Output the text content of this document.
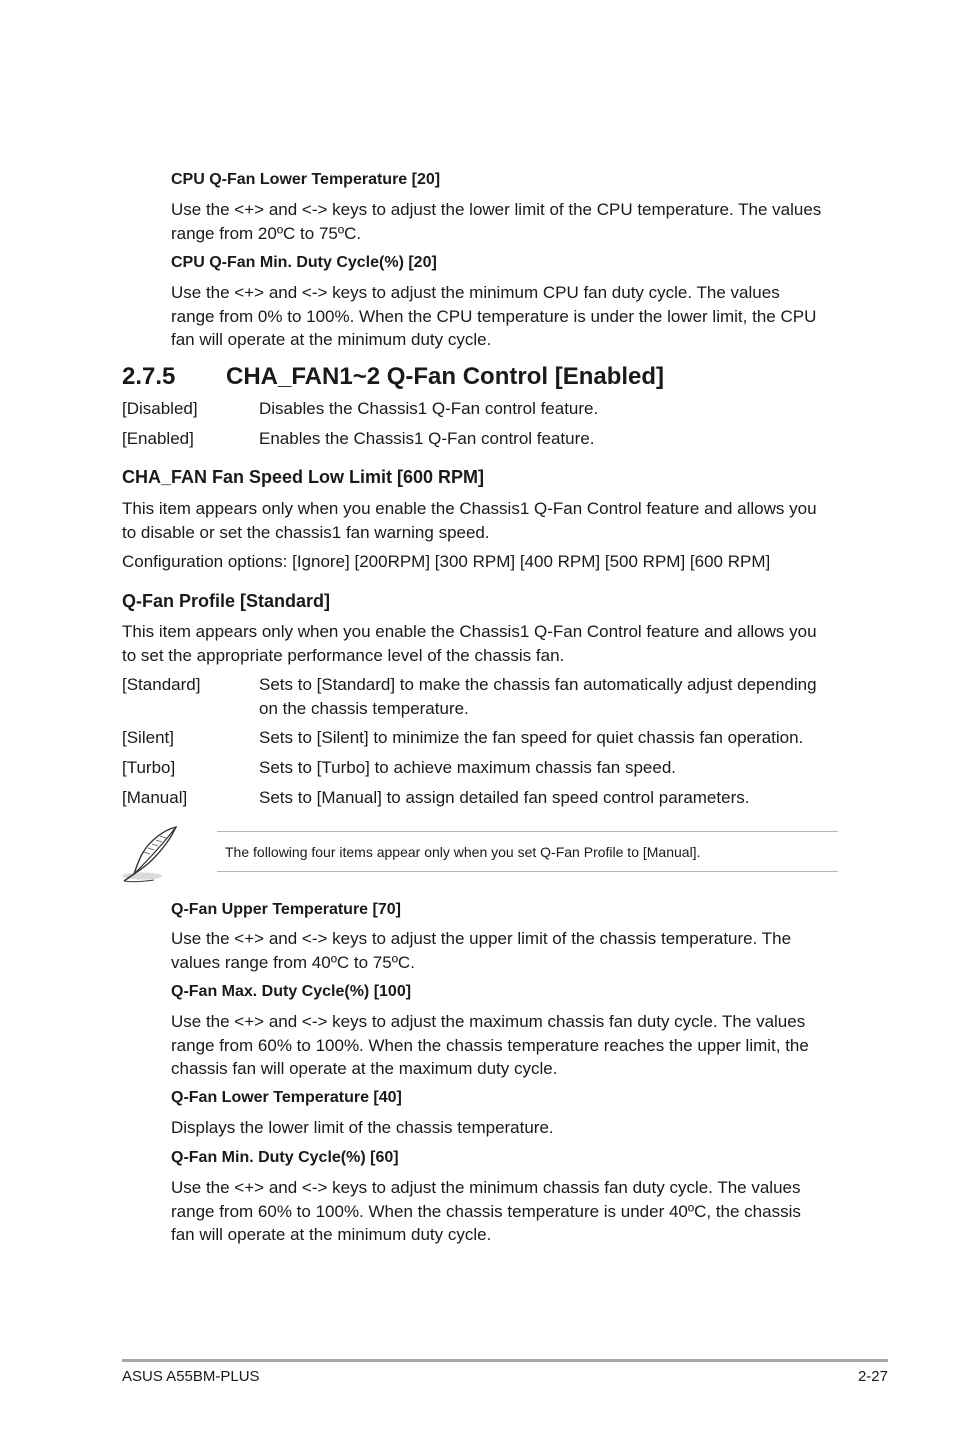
CPU Q-Fan Lower Temperature [20]
Use the <+> and <-> keys to adjust the lower limit of the CPU temperature. The values
range from 20ºC to 75ºC.
CPU Q-Fan Min. Duty Cycle(%) [20]
Use the <+> and <-> keys to adjust the minimum CPU fan duty cycle. The values
range from 0% to 100%. When the CPU temperature is under the lower limit, the CPU
fan will operate at the minimum duty cycle.
2.7.5 CHA_FAN1~2 Q-Fan Control [Enabled]
[Disabled]	Disables the Chassis1 Q-Fan control feature.
[Enabled]	Enables the Chassis1 Q-Fan control feature.
CHA_FAN Fan Speed Low Limit [600 RPM]
This item appears only when you enable the Chassis1 Q-Fan Control feature and allows you
to disable or set the chassis1 fan warning speed.
Configuration options: [Ignore] [200RPM] [300 RPM] [400 RPM] [500 RPM] [600 RPM]
Q-Fan Profile [Standard]
This item appears only when you enable the Chassis1 Q-Fan Control feature and allows you
to set the appropriate performance level of the chassis fan.
[Standard]	Sets to [Standard] to make the chassis fan automatically adjust depending
on the chassis temperature.
[Silent]	Sets to [Silent] to minimize the fan speed for quiet chassis fan operation.
[Turbo]	Sets to [Turbo] to achieve maximum chassis fan speed.
[Manual]	Sets to [Manual] to assign detailed fan speed control parameters.
The following four items appear only when you set Q-Fan Profile to [Manual].
Q-Fan Upper Temperature [70]
Use the <+> and <-> keys to adjust the upper limit of the chassis temperature. The
values range from 40ºC to 75ºC.
Q-Fan Max. Duty Cycle(%) [100]
Use the <+> and <-> keys to adjust the maximum chassis fan duty cycle. The values
range from 60% to 100%. When the chassis temperature reaches the upper limit, the
chassis fan will operate at the maximum duty cycle.
Q-Fan Lower Temperature [40]
Displays the lower limit of the chassis temperature.
Q-Fan Min. Duty Cycle(%) [60]
Use the <+> and <-> keys to adjust the minimum chassis fan duty cycle. The values
range from 60% to 100%. When the chassis temperature is under 40ºC, the chassis
fan will operate at the minimum duty cycle.
ASUS A55BM-PLUS	2-27
